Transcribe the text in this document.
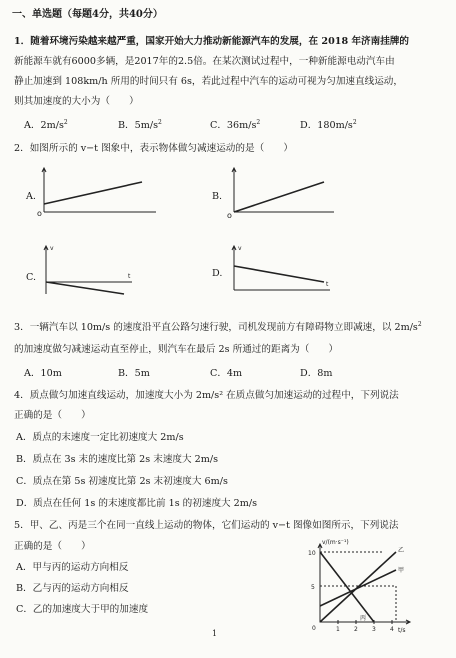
一、单选题（每题4分，共40分）
1．随着环境污染越来越严重，国家开始大力推动新能源汽车的发展，在 2018 年济南挂牌的
新能源车就有6000多辆，是2017年的2.5倍。在某次测试过程中，一种新能源电动汽车由
静止加速到 108km/h 所用的时间只有 6s，若此过程中汽车的运动可视为匀加速直线运动，
则其加速度的大小为（　　）
A．$2m/s^2$	B．$5m/s^2$	C．$36m/s^2$	D．$180m/s^2$
2．如图所示的 v−t 图象中，表示物体做匀减速运动的是（　　）
A.
o
B.
o
C.
v
t	D.
v
t
3．一辆汽车以 10m/s 的速度沿平直公路匀速行驶，司机发现前方有障碍物立即减速，以 $2m/s^2$
的加速度做匀减速运动直至停止，则汽车在最后 2s 所通过的距离为（　　）
A．10m	B．5m	C．4m	D．8m
4．质点做匀加速直线运动，加速度大小为 2m/s² 在质点做匀加速运动的过程中，下列说法
正确的是（　　）
A．质点的末速度一定比初速度大 2m/s
B．质点在 3s 末的速度比第 2s 末速度大 2m/s
C．质点在第 5s 初速度比第 2s 末初速度大 6m/s
D．质点在任何 1s 的末速度都比前 1s 的初速度大 2m/s
5．甲、乙、丙是三个在同一直线上运动的物体，它们运动的 v−t 图像如图所示，下列说法
正确的是（　　）
A．甲与丙的运动方向相反
B．乙与丙的运动方向相反
C．乙的加速度大于甲的加速度
v/(m·s⁻¹)
10
5
0	1 2 3 4 t/s
乙
甲
丙
1
